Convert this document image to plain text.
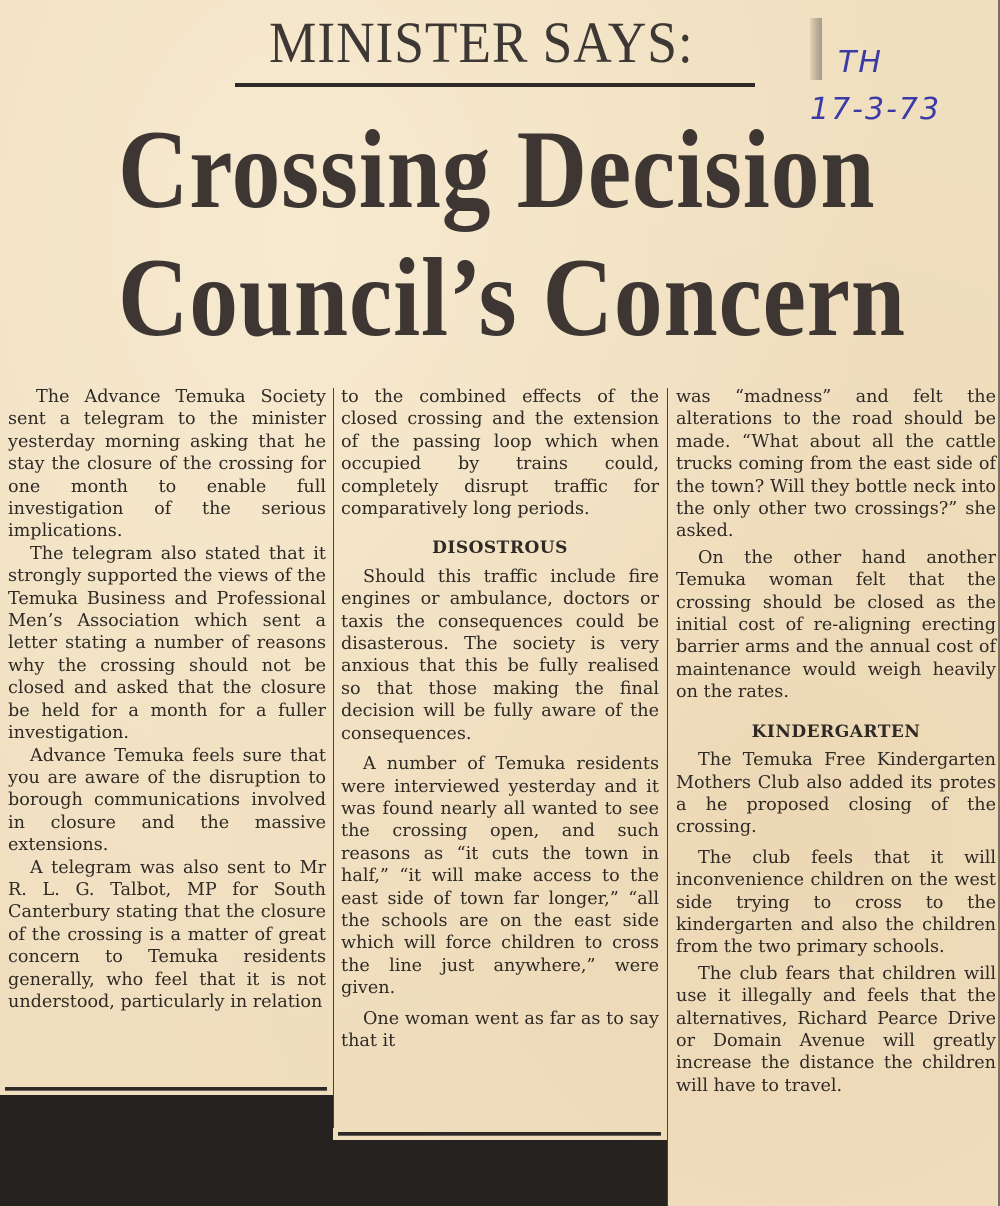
MINISTER SAYS:	TH
17-3-73
Crossing Decision
Council’s Concern

The Advance Temuka Society sent a telegram to the minister yesterday morning asking that he stay the closure of the crossing for one month to enable full investigation of the serious implications.

The telegram also stated that it strongly supported the views of the Temuka Business and Professional Men’s Association which sent a letter stating a number of reasons why the crossing should not be closed and asked that the closure be held for a month for a fuller investigation.

Advance Temuka feels sure that you are aware of the disruption to borough communications involved in closure and the massive extensions.

A telegram was also sent to Mr R. L. G. Talbot, MP for South Canterbury stating that the closure of the crossing is a matter of great concern to Temuka residents generally, who feel that it is not understood, particularly in relation

to the combined effects of the closed crossing and the extension of the passing loop which when occupied by trains could, completely disrupt traffic for comparatively long periods.

DISOSTROUS

Should this traffic include fire engines or ambulance, doctors or taxis the consequences could be disasterous. The society is very anxious that this be fully realised so that those making the final decision will be fully aware of the consequences.

A number of Temuka residents were interviewed yesterday and it was found nearly all wanted to see the crossing open, and such reasons as “it cuts the town in half,” “it will make access to the east side of town far longer,” “all the schools are on the east side which will force children to cross the line just anywhere,” were given.

One woman went as far as to say that it

was “madness” and felt the alterations to the road should be made. “What about all the cattle trucks coming from the east side of the town? Will they bottle neck into the only other two crossings?” she asked.

On the other hand another Temuka woman felt that the crossing should be closed as the initial cost of re-aligning erecting barrier arms and the annual cost of maintenance would weigh heavily on the rates.

KINDERGARTEN

The Temuka Free Kindergarten Mothers Club also added its protes a he proposed closing of the crossing.

The club feels that it will inconvenience children on the west side trying to cross to the kindergarten and also the children from the two primary schools.

The club fears that children will use it illegally and feels that the alternatives, Richard Pearce Drive or Domain Avenue will greatly increase the distance the children will have to travel.
